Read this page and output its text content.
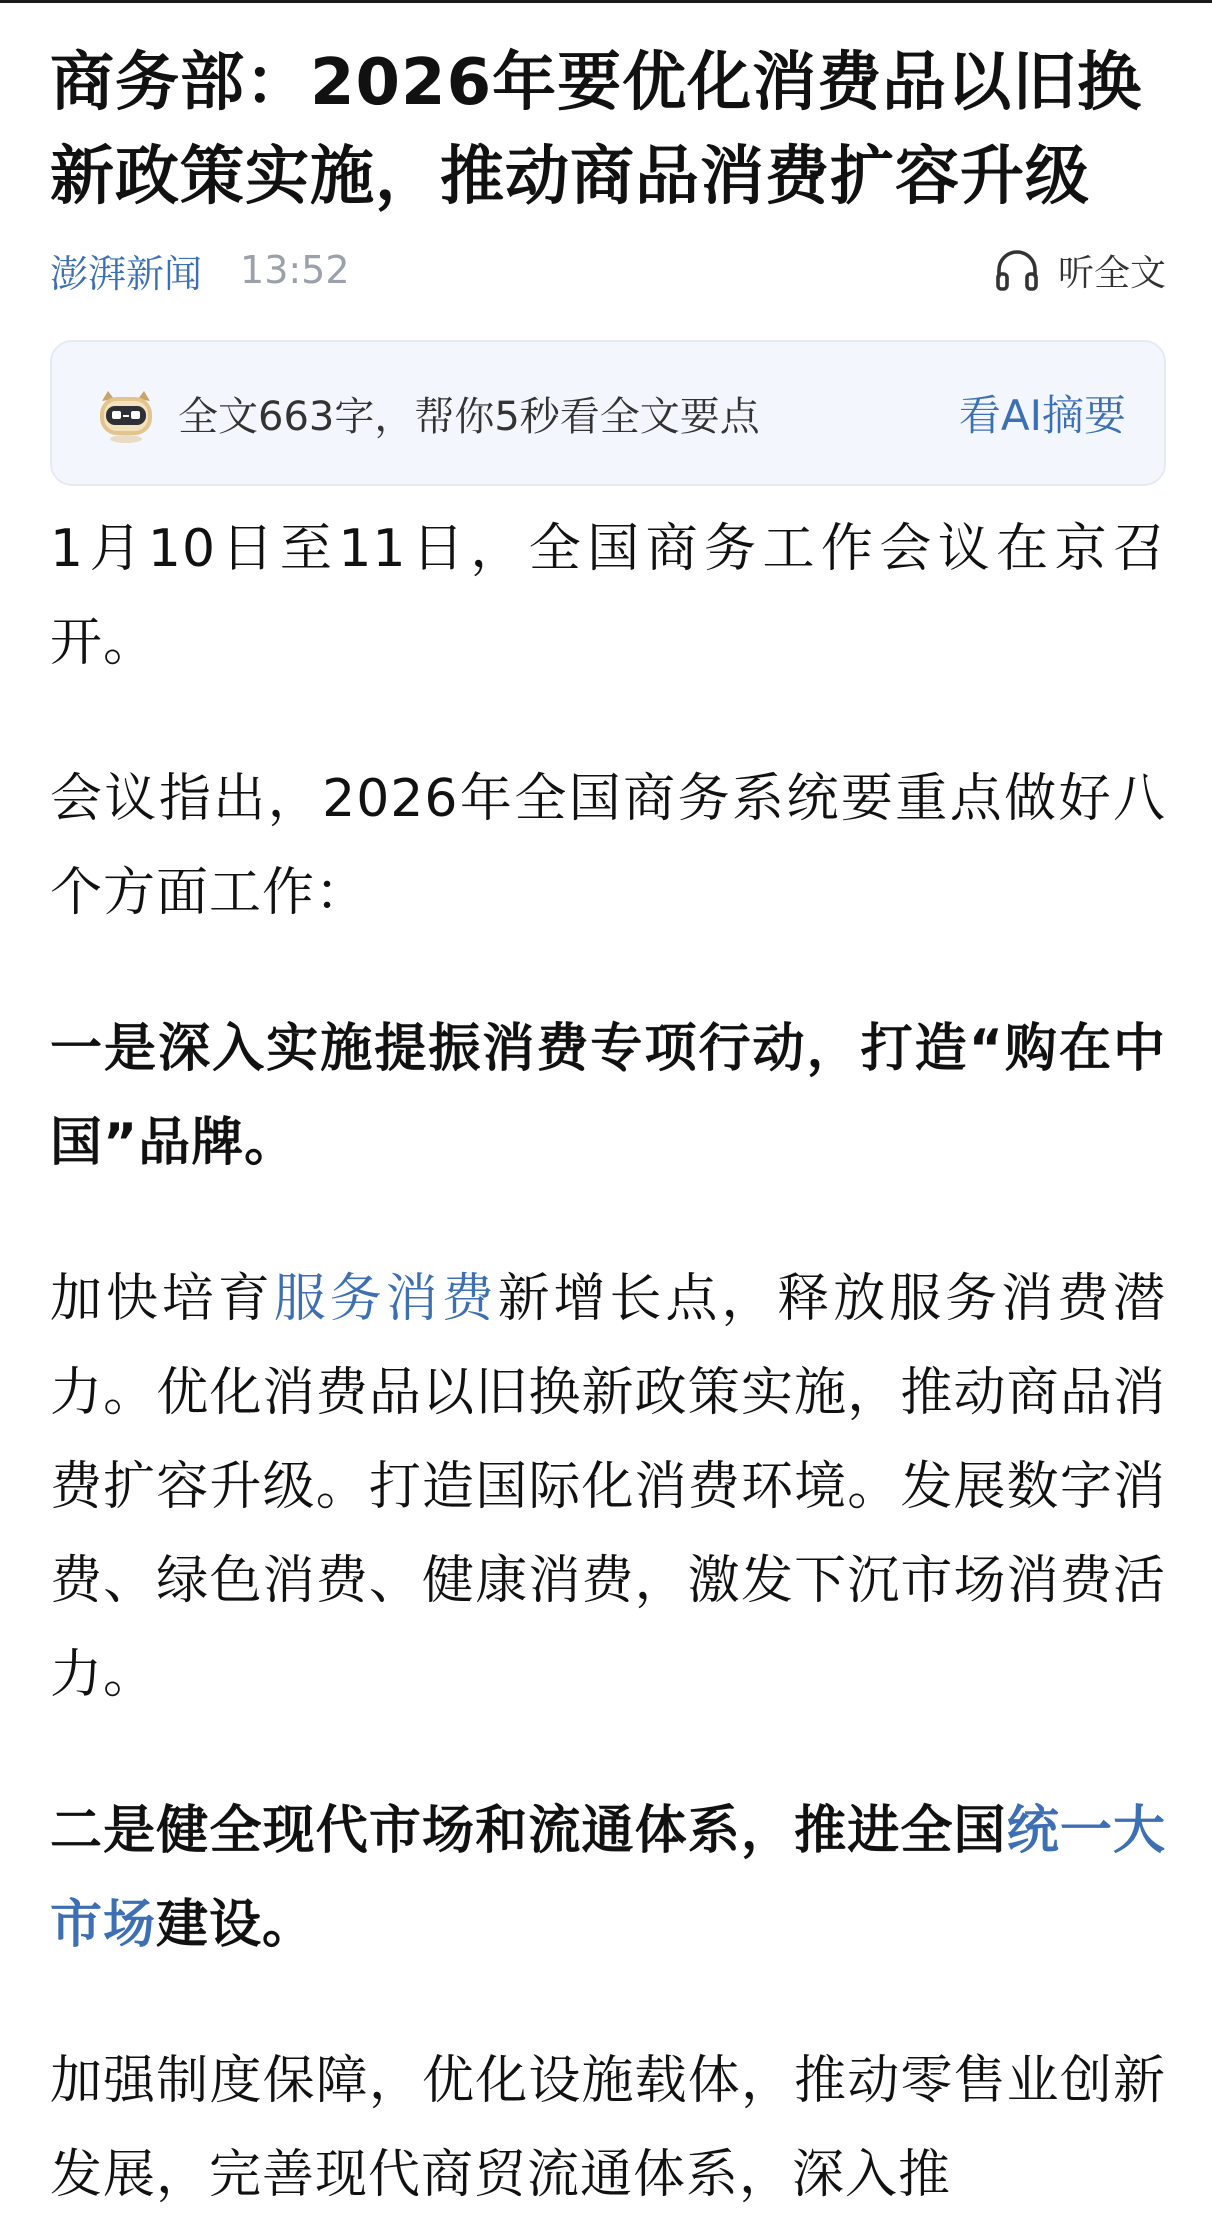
商务部：2026年要优化消费品以旧换新政策实施，推动商品消费扩容升级
澎湃新闻 13:52	听全文
全文663字，帮你5秒看全文要点	看AI摘要

1月10日至11日，全国商务工作会议在京召开。

会议指出，2026年全国商务系统要重点做好八个方面工作：

一是深入实施提振消费专项行动，打造“购在中国”品牌。

加快培育服务消费新增长点，释放服务消费潜力。优化消费品以旧换新政策实施，推动商品消费扩容升级。打造国际化消费环境。发展数字消费、绿色消费、健康消费，激发下沉市场消费活力。

二是健全现代市场和流通体系，推进全国统一大市场建设。

加强制度保障，优化设施载体，推动零售业创新发展，完善现代商贸流通体系，深入推
